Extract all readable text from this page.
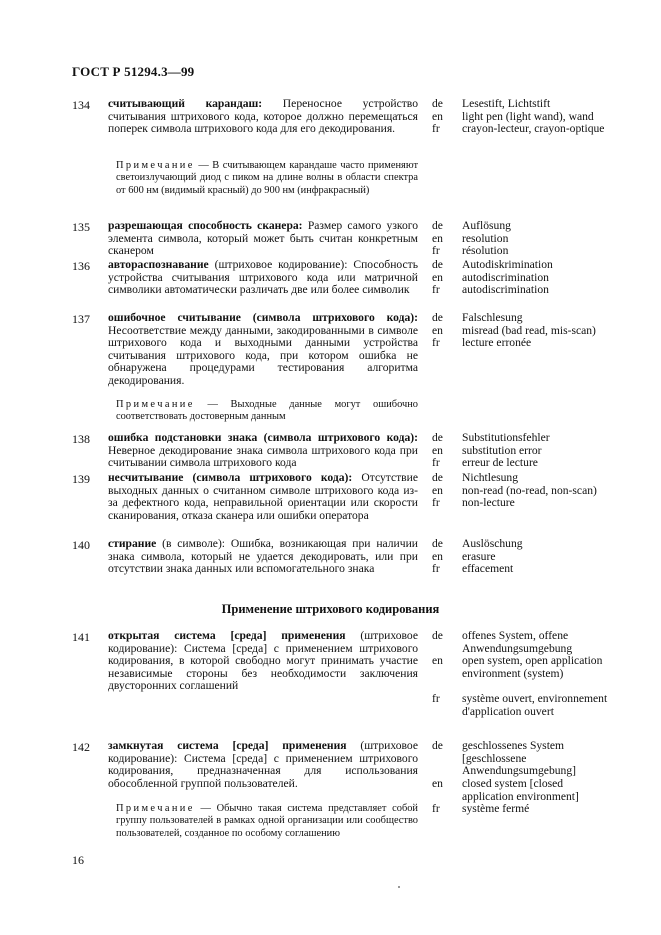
ГОСТ Р 51294.3—99
134 считывающий карандаш: Переносное устройство считывания штрихового кода, которое должно перемещаться поперек символа штрихового кода для его декодирования.
Примечание — В считывающем карандаше часто применяют светоизлучающий диод с пиком на длине волны в области спектра от 600 нм (видимый красный) до 900 нм (инфракрасный)
de	Lesestift, Lichtstift
en	light pen (light wand), wand
fr	crayon-lecteur, crayon-optique
135 разрешающая способность сканера: Размер самого узкого элемента символа, который может быть считан конкретным сканером
de	Auflösung
en	resolution
fr	résolution
136 автораспознавание (штриховое кодирование): Способность устройства считывания штрихового кода или матричной символики автоматически различать две или более символик
de	Autodiskrimination
en	autodiscrimination
fr	autodiscrimination
137 ошибочное считывание (символа штрихового кода): Несоответствие между данными, закодированными в символе штрихового кода и выходными данными устройства считывания штрихового кода, при котором ошибка не обнаружена процедурами тестирования алгоритма декодирования.
Примечание — Выходные данные могут ошибочно соответствовать достоверным данным
de	Falschlesung
en	misread (bad read, mis-scan)
fr	lecture erronée
138 ошибка подстановки знака (символа штрихового кода): Неверное декодирование знака символа штрихового кода при считывании символа штрихового кода
de	Substitutionsfehler
en	substitution error
fr	erreur de lecture
139 несчитывание (символа штрихового кода): Отсутствие выходных данных о считанном символе штрихового кода из-за дефектного кода, неправильной ориентации или скорости сканирования, отказа сканера или ошибки оператора
de	Nichtlesung
en	non-read (no-read, non-scan)
fr	non-lecture
140 стирание (в символе): Ошибка, возникающая при наличии знака символа, который не удается декодировать, или при отсутствии знака данных или вспомогательного знака
de	Auslöschung
en	erasure
fr	effacement
Применение штрихового кодирования
141 открытая система [среда] применения (штриховое кодирование): Система [среда] с применением штрихового кодирования, в которой свободно могут принимать участие независимые стороны без необходимости заключения двусторонних соглашений
de	offenes System, offene Anwendungsumgebung
en	open system, open application environment (system)
fr	système ouvert, environnement d'application ouvert
142 замкнутая система [среда] применения (штриховое кодирование): Система [среда] с применением штрихового кодирования, предназначенная для использования обособленной группой пользователей.
Примечание — Обычно такая система представляет собой группу пользователей в рамках одной организации или сообщество пользователей, созданное по особому соглашению
de	geschlossenes System [geschlossene Anwendungsumgebung]
en	closed system [closed application environment]
fr	système fermé
16
